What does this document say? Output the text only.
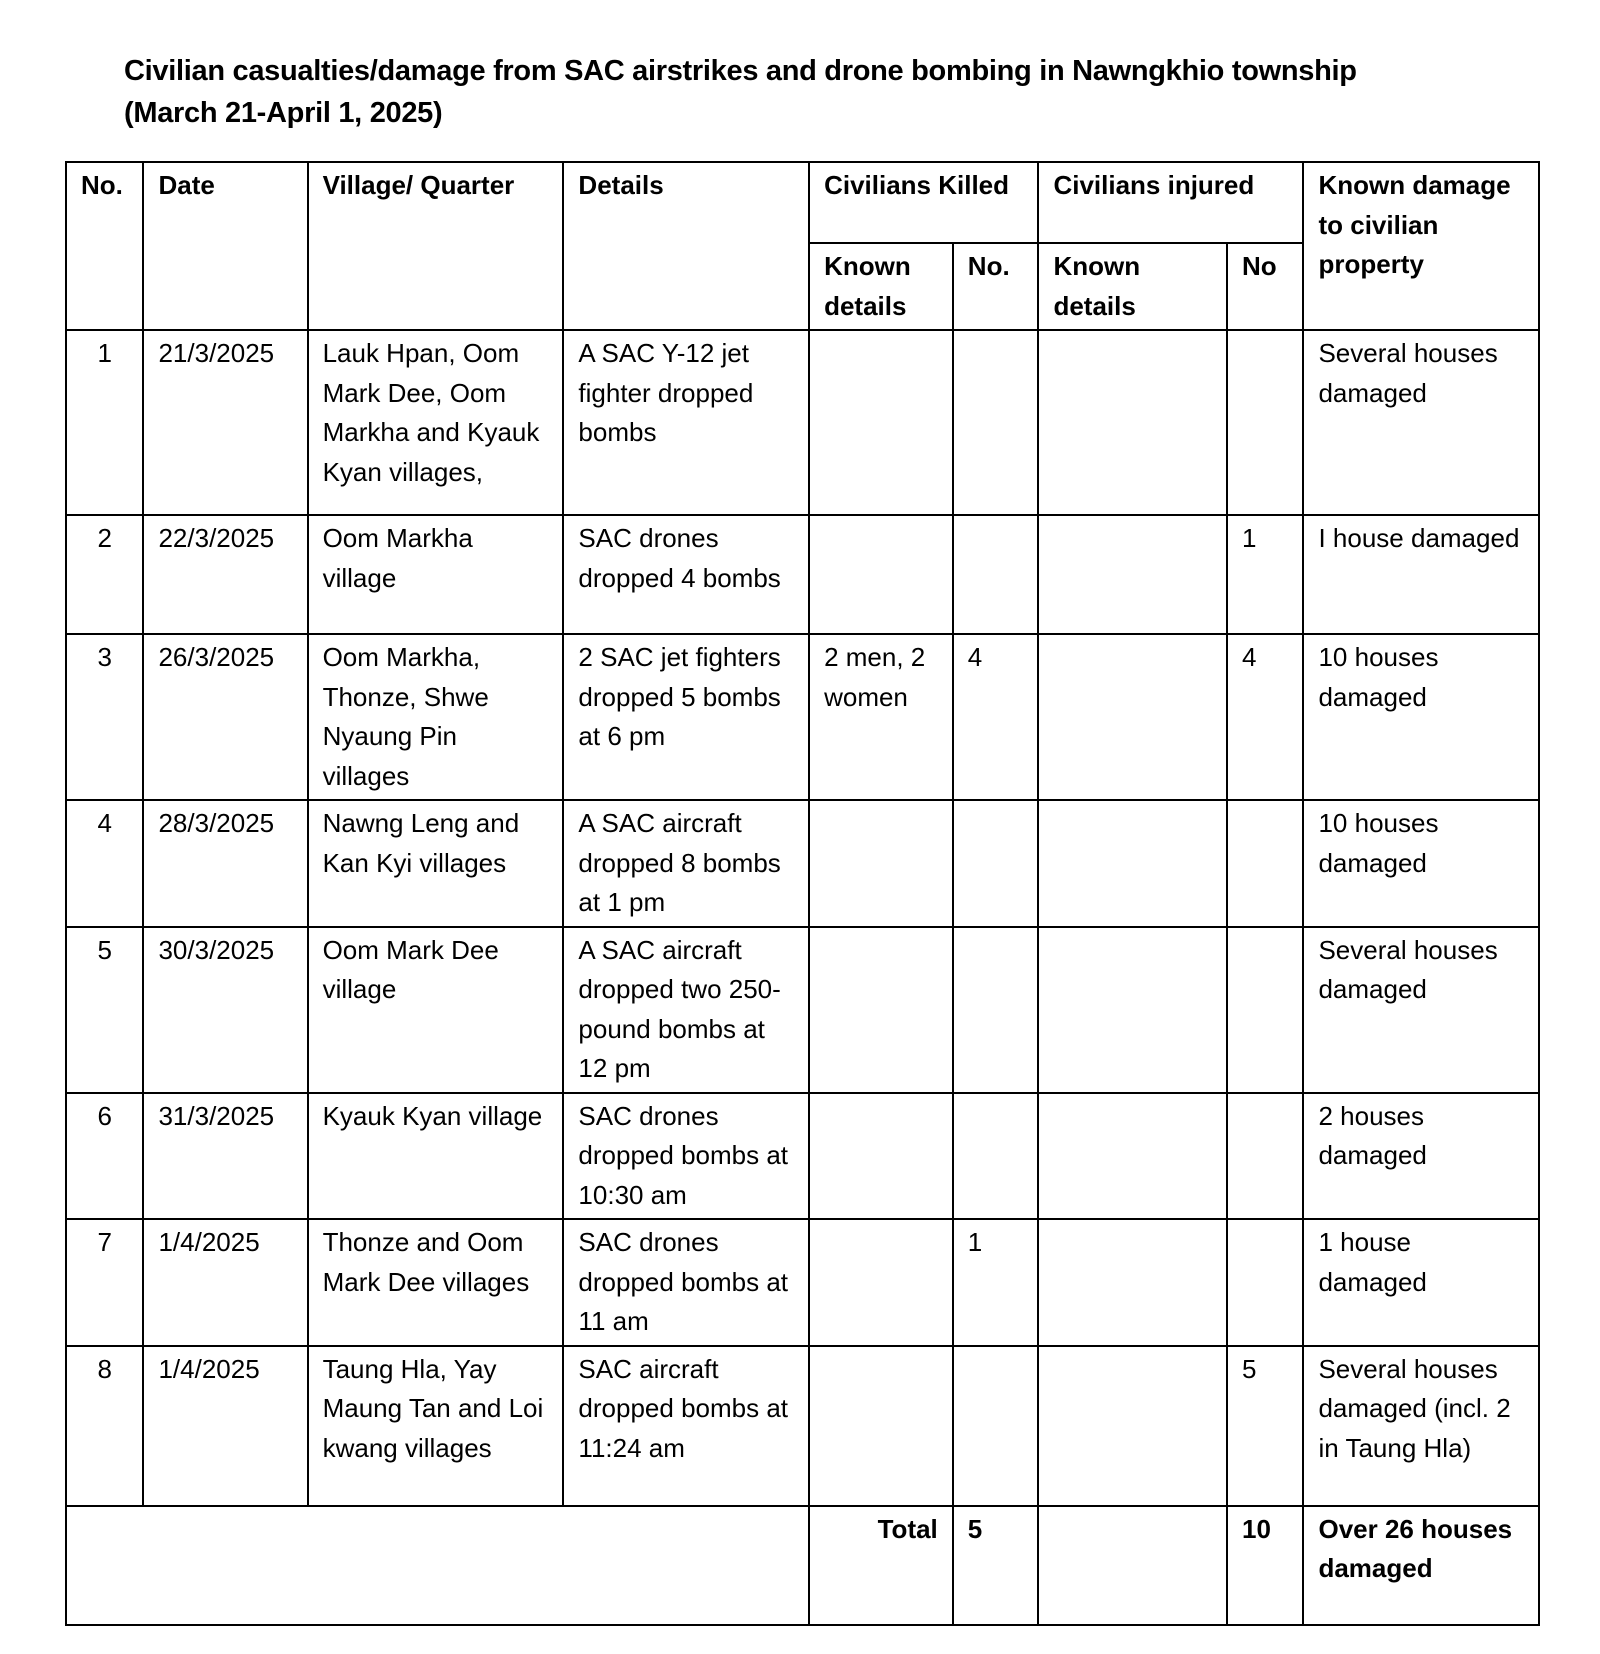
Civilian casualties/damage from SAC airstrikes and drone bombing in Nawngkhio township (March 21-April 1, 2025)
No.	Date	Village/ Quarter	Details	Civilians Killed		Civilians injured		Known damage to civilian property
				Known details	No.	Known details	No	
1	21/3/2025	Lauk Hpan, Oom Mark Dee, Oom Markha and Kyauk Kyan villages,	A SAC Y-12 jet fighter dropped bombs					Several houses damaged
2	22/3/2025	Oom Markha village	SAC drones dropped 4 bombs				1	I house damaged
3	26/3/2025	Oom Markha, Thonze, Shwe Nyaung Pin villages	2 SAC jet fighters dropped 5 bombs at 6 pm	2 men, 2 women	4		4	10 houses damaged
4	28/3/2025	Nawng Leng and Kan Kyi villages	A SAC aircraft dropped 8 bombs at 1 pm					10 houses damaged
5	30/3/2025	Oom Mark Dee village	A SAC aircraft dropped two 250-pound bombs at 12 pm					Several houses damaged
6	31/3/2025	Kyauk Kyan village	SAC drones dropped bombs at 10:30 am					2 houses damaged
7	1/4/2025	Thonze and Oom Mark Dee villages	SAC drones dropped bombs at 11 am		1			1 house damaged
8	1/4/2025	Taung Hla, Yay Maung Tan and Loi kwang villages	SAC aircraft dropped bombs at 11:24 am				5	Several houses damaged (incl. 2 in Taung Hla)
				Total	5		10	Over 26 houses damaged
